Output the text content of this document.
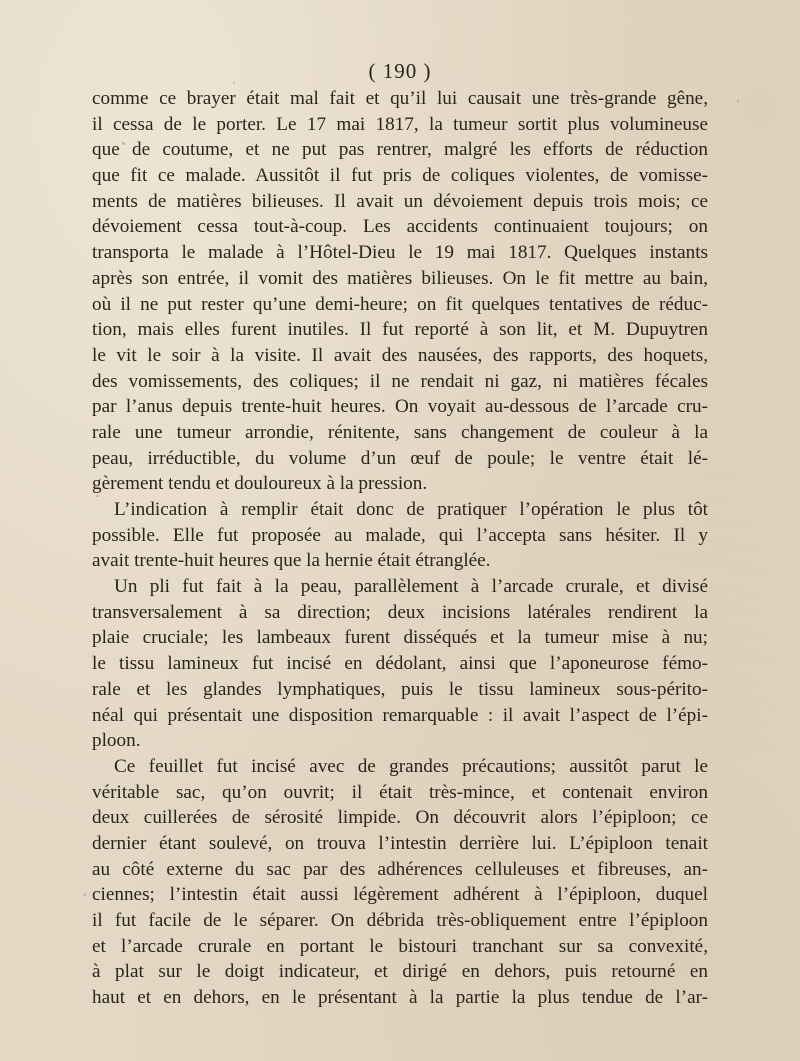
( 190 )
comme ce brayer était mal fait et qu’il lui causait une très-grande gêne,
il cessa de le porter. Le 17 mai 1817, la tumeur sortit plus volumineuse
que de coutume, et ne put pas rentrer, malgré les efforts de réduction
que fit ce malade. Aussitôt il fut pris de coliques violentes, de vomisse-
ments de matières bilieuses. Il avait un dévoiement depuis trois mois; ce
dévoiement cessa tout-à-coup. Les accidents continuaient toujours; on
transporta le malade à l’Hôtel-Dieu le 19 mai 1817. Quelques instants
après son entrée, il vomit des matières bilieuses. On le fit mettre au bain,
où il ne put rester qu’une demi-heure; on fit quelques tentatives de réduc-
tion, mais elles furent inutiles. Il fut reporté à son lit, et M. Dupuytren
le vit le soir à la visite. Il avait des nausées, des rapports, des hoquets,
des vomissements, des coliques; il ne rendait ni gaz, ni matières fécales
par l’anus depuis trente-huit heures. On voyait au-dessous de l’arcade cru-
rale une tumeur arrondie, rénitente, sans changement de couleur à la
peau, irréductible, du volume d’un œuf de poule; le ventre était lé-
gèrement tendu et douloureux à la pression.
L’indication à remplir était donc de pratiquer l’opération le plus tôt
possible. Elle fut proposée au malade, qui l’accepta sans hésiter. Il y
avait trente-huit heures que la hernie était étranglée.
Un pli fut fait à la peau, parallèlement à l’arcade crurale, et divisé
transversalement à sa direction; deux incisions latérales rendirent la
plaie cruciale; les lambeaux furent disséqués et la tumeur mise à nu;
le tissu lamineux fut incisé en dédolant, ainsi que l’aponeurose fémo-
rale et les glandes lymphatiques, puis le tissu lamineux sous-périto-
néal qui présentait une disposition remarquable : il avait l’aspect de l’épi-
ploon.
Ce feuillet fut incisé avec de grandes précautions; aussitôt parut le
véritable sac, qu’on ouvrit; il était très-mince, et contenait environ
deux cuillerées de sérosité limpide. On découvrit alors l’épiploon; ce
dernier étant soulevé, on trouva l’intestin derrière lui. L’épiploon tenait
au côté externe du sac par des adhérences celluleuses et fibreuses, an-
ciennes; l’intestin était aussi légèrement adhérent à l’épiploon, duquel
il fut facile de le séparer. On débrida très-obliquement entre l’épiploon
et l’arcade crurale en portant le bistouri tranchant sur sa convexité,
à plat sur le doigt indicateur, et dirigé en dehors, puis retourné en
haut et en dehors, en le présentant à la partie la plus tendue de l’ar-
